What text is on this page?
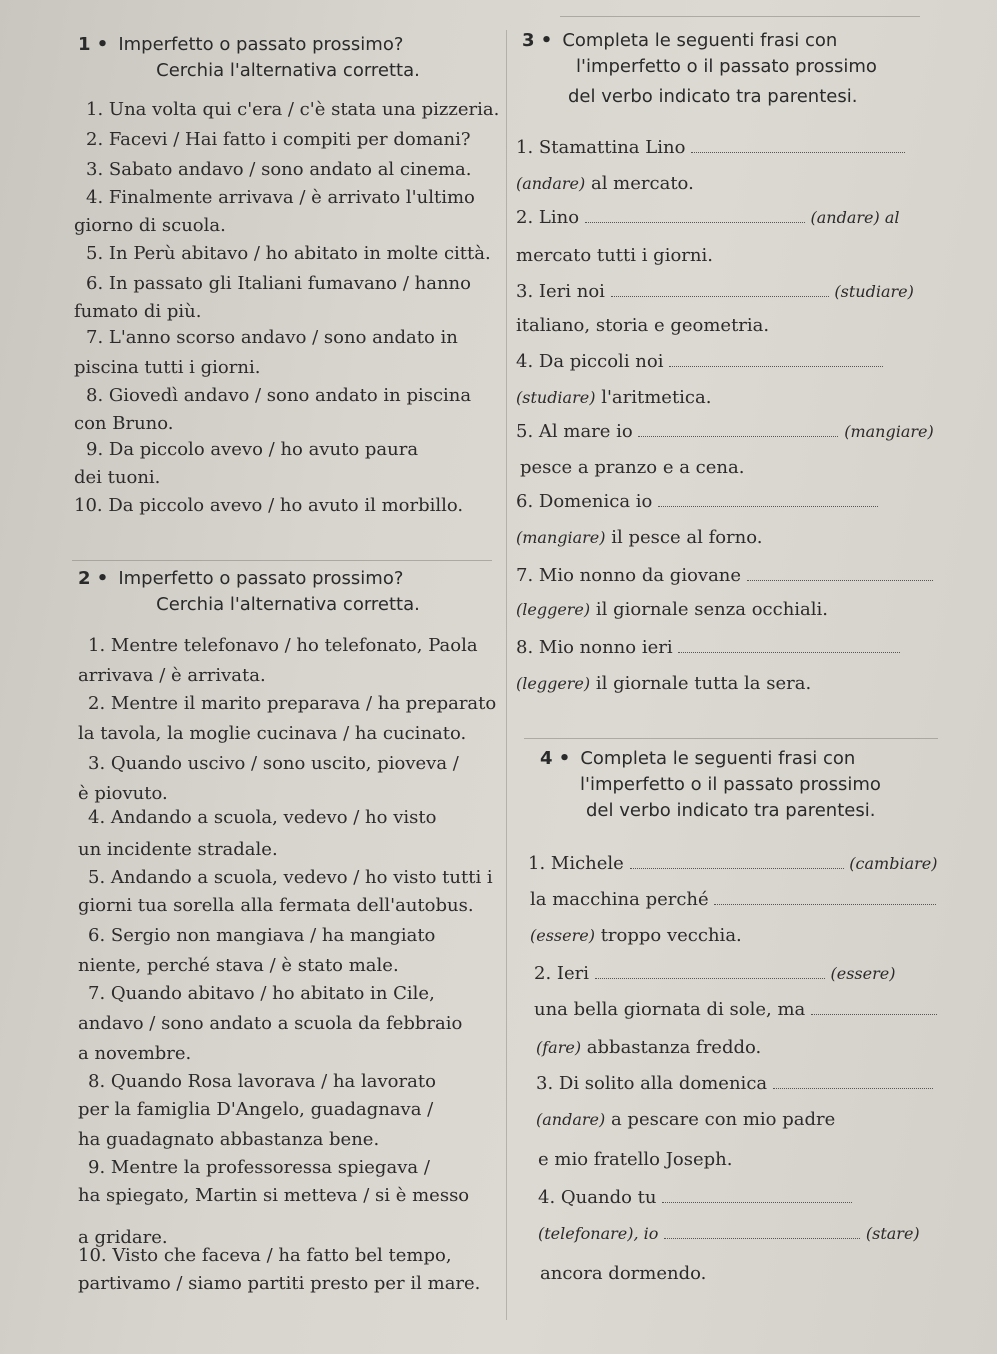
1 • Imperfetto o passato prossimo?
Cerchia l'alternativa corretta.
1. Una volta qui c'era / c'è stata una pizzeria.
2. Facevi / Hai fatto i compiti per domani?
3. Sabato andavo / sono andato al cinema.
4. Finalmente arrivava / è arrivato l'ultimo
giorno di scuola.
5. In Perù abitavo / ho abitato in molte città.
6. In passato gli Italiani fumavano / hanno
fumato di più.
7. L'anno scorso andavo / sono andato in
piscina tutti i giorni.
8. Giovedì andavo / sono andato in piscina
con Bruno.
9. Da piccolo avevo / ho avuto paura
dei tuoni.
10. Da piccolo avevo / ho avuto il morbillo.
2 • Imperfetto o passato prossimo?
Cerchia l'alternativa corretta.
1. Mentre telefonavo / ho telefonato, Paola
arrivava / è arrivata.
2. Mentre il marito preparava / ha preparato
la tavola, la moglie cucinava / ha cucinato.
3. Quando uscivo / sono uscito, pioveva /
è piovuto.
4. Andando a scuola, vedevo / ho visto
un incidente stradale.
5. Andando a scuola, vedevo / ho visto tutti i
giorni tua sorella alla fermata dell'autobus.
6. Sergio non mangiava / ha mangiato
niente, perché stava / è stato male.
7. Quando abitavo / ho abitato in Cile,
andavo / sono andato a scuola da febbraio
a novembre.
8. Quando Rosa lavorava / ha lavorato
per la famiglia D'Angelo, guadagnava /
ha guadagnato abbastanza bene.
9. Mentre la professoressa spiegava /
ha spiegato, Martin si metteva / si è messo
a gridare.
10. Visto che faceva / ha fatto bel tempo,
partivamo / siamo partiti presto per il mare.
3 • Completa le seguenti frasi con
l'imperfetto o il passato prossimo
del verbo indicato tra parentesi.
1. Stamattina Lino
(andare) al mercato.
2. Lino	(andare) al
mercato tutti i giorni.
3. Ieri noi	(studiare)
italiano, storia e geometria.
4. Da piccoli noi
(studiare) l'aritmetica.
5. Al mare io	(mangiare)
pesce a pranzo e a cena.
6. Domenica io
(mangiare) il pesce al forno.
7. Mio nonno da giovane
(leggere) il giornale senza occhiali.
8. Mio nonno ieri
(leggere) il giornale tutta la sera.
4 • Completa le seguenti frasi con
l'imperfetto o il passato prossimo
del verbo indicato tra parentesi.
1. Michele	(cambiare)
la macchina perché
(essere) troppo vecchia.
2. Ieri	(essere)
una bella giornata di sole, ma
(fare) abbastanza freddo.
3. Di solito alla domenica
(andare) a pescare con mio padre
e mio fratello Joseph.
4. Quando tu
(telefonare), io	(stare)
ancora dormendo.
